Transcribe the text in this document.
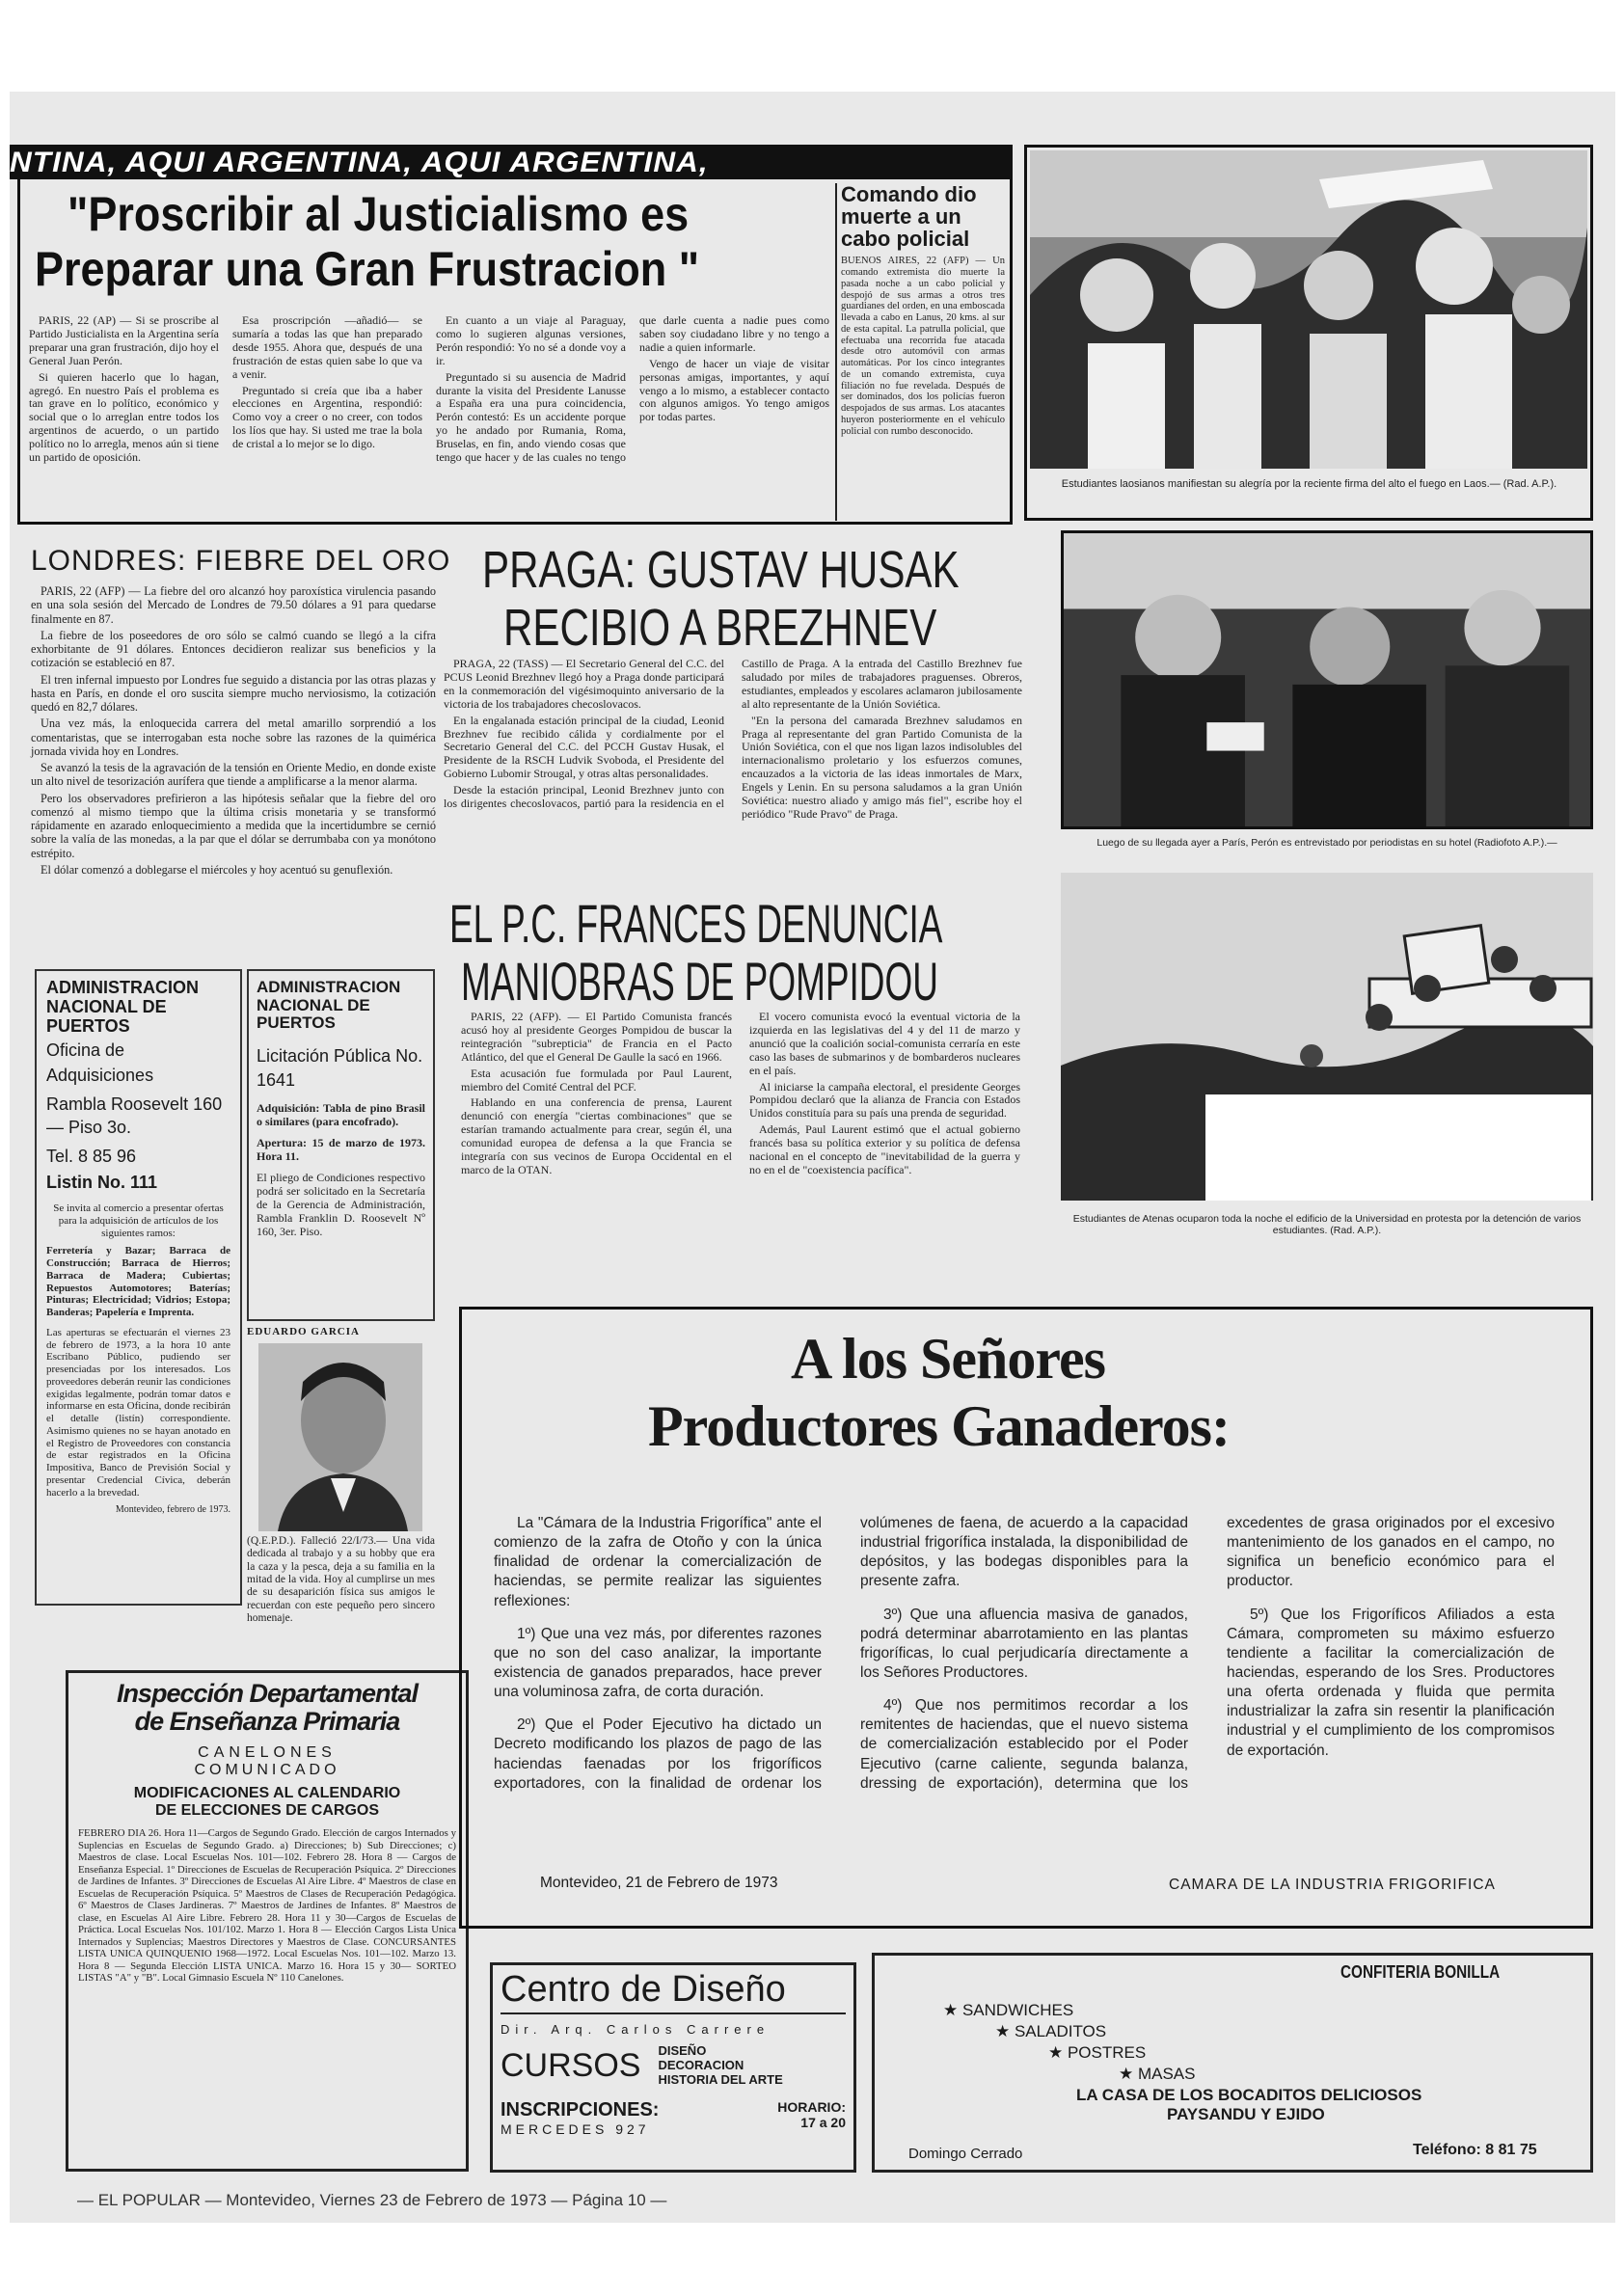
NTINA, AQUI ARGENTINA, AQUI ARGENTINA,
"Proscribir al Justicialismo es
Preparar una Gran Frustracion "

PARIS, 22 (AP) — Si se proscribe al Partido Justicialista en la Argentina sería preparar una gran frustración, dijo hoy el General Juan Perón.

Si quieren hacerlo que lo hagan, agregó. En nuestro País el problema es tan grave en lo político, económico y social que o lo arreglan entre todos los argentinos de acuerdo, o un partido político no lo arregla, menos aún si tiene un partido de oposición.

Esa proscripción —añadió— se sumaría a todas las que han preparado desde 1955. Ahora que, después de una frustración de estas quien sabe lo que va a venir.

Preguntado si creía que iba a haber elecciones en Argentina, respondió: Como voy a creer o no creer, con todos los líos que hay. Si usted me trae la bola de cristal a lo mejor se lo digo.

En cuanto a un viaje al Paraguay, como lo sugieren algunas versiones, Perón respondió: Yo no sé a donde voy a ir.

Preguntado si su ausencia de Madrid durante la visita del Presidente Lanusse a España era una pura coincidencia, Perón contestó: Es un accidente porque yo he andado por Rumania, Roma, Bruselas, en fin, ando viendo cosas que tengo que hacer y de las cuales no tengo que darle cuenta a nadie pues como saben soy ciudadano libre y no tengo a nadie a quien informarle.

Vengo de hacer un viaje de visitar personas amigas, importantes, y aquí vengo a lo mismo, a establecer contacto con algunos amigos. Yo tengo amigos por todas partes.

Comando dio muerte a un cabo policial
BUENOS AIRES, 22 (AFP) — Un comando extremista dio muerte la pasada noche a un cabo policial y despojó de sus armas a otros tres guardianes del orden, en una emboscada llevada a cabo en Lanus, 20 kms. al sur de esta capital. La patrulla policial, que efectuaba una recorrida fue atacada desde otro automóvil con armas automáticas. Por los cinco integrantes de un comando extremista, cuya filiación no fue revelada. Después de ser dominados, dos los policías fueron despojados de sus armas. Los atacantes huyeron posteriormente en el vehículo policial con rumbo desconocido.
Estudiantes laosianos manifiestan su alegría por la reciente firma del alto el fuego en Laos.— (Rad. A.P.).
Luego de su llegada ayer a París, Perón es entrevistado por periodistas en su hotel (Radiofoto A.P.).—
Estudiantes de Atenas ocuparon toda la noche el edificio de la Universidad en protesta por la detención de varios estudiantes. (Rad. A.P.).
LONDRES: FIEBRE DEL ORO

PARIS, 22 (AFP) — La fiebre del oro alcanzó hoy paroxística virulencia pasando en una sola sesión del Mercado de Londres de 79.50 dólares a 91 para quedarse finalmente en 87.

La fiebre de los poseedores de oro sólo se calmó cuando se llegó a la cifra exhorbitante de 91 dólares. Entonces decidieron realizar sus beneficios y la cotización se estableció en 87.

El tren infernal impuesto por Londres fue seguido a distancia por las otras plazas y hasta en París, en donde el oro suscita siempre mucho nerviosismo, la cotización quedó en 82,7 dólares.

Una vez más, la enloquecida carrera del metal amarillo sorprendió a los comentaristas, que se interrogaban esta noche sobre las razones de la quimérica jornada vivida hoy en Londres.

Se avanzó la tesis de la agravación de la tensión en Oriente Medio, en donde existe un alto nivel de tesorización aurífera que tiende a amplificarse a la menor alarma.

Pero los observadores prefirieron a las hipótesis señalar que la fiebre del oro comenzó al mismo tiempo que la última crisis monetaria y se transformó rápidamente en azarado enloquecimiento a medida que la incertidumbre se cernió sobre la valía de las monedas, a la par que el dólar se derrumbaba con ya monótono estrépito.

El dólar comenzó a doblegarse el miércoles y hoy acentuó su genuflexión.

PRAGA: GUSTAV HUSAK
RECIBIO A BREZHNEV

PRAGA, 22 (TASS) — El Secretario General del C.C. del PCUS Leonid Brezhnev llegó hoy a Praga donde participará en la conmemoración del vigésimoquinto aniversario de la victoria de los trabajadores checoslovacos.

En la engalanada estación principal de la ciudad, Leonid Brezhnev fue recibido cálida y cordialmente por el Secretario General del C.C. del PCCH Gustav Husak, el Presidente de la RSCH Ludvik Svoboda, el Presidente del Gobierno Lubomir Strougal, y otras altas personalidades.

Desde la estación principal, Leonid Brezhnev junto con los dirigentes checoslovacos, partió para la residencia en el Castillo de Praga. A la entrada del Castillo Brezhnev fue saludado por miles de trabajadores praguenses. Obreros, estudiantes, empleados y escolares aclamaron jubilosamente al alto representante de la Unión Soviética.

"En la persona del camarada Brezhnev saludamos en Praga al representante del gran Partido Comunista de la Unión Soviética, con el que nos ligan lazos indisolubles del internacionalismo proletario y los esfuerzos comunes, encauzados a la victoria de las ideas inmortales de Marx, Engels y Lenin. En su persona saludamos a la gran Unión Soviética: nuestro aliado y amigo más fiel", escribe hoy el periódico "Rude Pravo" de Praga.

EL P.C. FRANCES DENUNCIA
MANIOBRAS DE POMPIDOU

PARIS, 22 (AFP). — El Partido Comunista francés acusó hoy al presidente Georges Pompidou de buscar la reintegración "subrepticia" de Francia en el Pacto Atlántico, del que el General De Gaulle la sacó en 1966.

Esta acusación fue formulada por Paul Laurent, miembro del Comité Central del PCF.

Hablando en una conferencia de prensa, Laurent denunció con energía "ciertas combinaciones" que se estarían tramando actualmente para crear, según él, una comunidad europea de defensa a la que Francia se integraría con sus vecinos de Europa Occidental en el marco de la OTAN.

El vocero comunista evocó la eventual victoria de la izquierda en las legislativas del 4 y del 11 de marzo y anunció que la coalición social-comunista cerraría en este caso las bases de submarinos y de bombarderos nucleares en el país.

Al iniciarse la campaña electoral, el presidente Georges Pompidou declaró que la alianza de Francia con Estados Unidos constituía para su país una prenda de seguridad.

Además, Paul Laurent estimó que el actual gobierno francés basa su política exterior y su política de defensa nacional en el concepto de "inevitabilidad de la guerra y no en el de "coexistencia pacífica".

ADMINISTRACION NACIONAL DE PUERTOS
Oficina de Adquisiciones
Rambla Roosevelt 160— Piso 3o.
Tel. 8 85 96
Listin No. 111
Se invita al comercio a presentar ofertas para la adquisición de artículos de los siguientes ramos:
Ferretería y Bazar; Barraca de Construcción; Barraca de Hierros; Barraca de Madera; Cubiertas; Repuestos Automotores; Baterías; Pinturas; Electricidad; Vidrios; Estopa; Banderas; Papelería e Imprenta.
Las aperturas se efectuarán el viernes 23 de febrero de 1973, a la hora 10 ante Escribano Público, pudiendo ser presenciadas por los interesados. Los proveedores deberán reunir las condiciones exigidas legalmente, podrán tomar datos e informarse en esta Oficina, donde recibirán el detalle (listín) correspondiente. Asimismo quienes no se hayan anotado en el Registro de Proveedores con constancia de estar registrados en la Oficina Impositiva, Banco de Previsión Social y presentar Credencial Cívica, deberán hacerlo a la brevedad.
Montevideo, febrero de 1973.
ADMINISTRACION NACIONAL DE PUERTOS
Licitación Pública No. 1641
Adquisición: Tabla de pino Brasil o similares (para encofrado).
Apertura: 15 de marzo de 1973. Hora 11.
El pliego de Condiciones respectivo podrá ser solicitado en la Secretaría de la Gerencia de Administración, Rambla Franklin D. Roosevelt Nº 160, 3er. Piso.
EDUARDO GARCIA
(Q.E.P.D.). Falleció 22/I/73.— Una vida dedicada al trabajo y a su hobby que era la caza y la pesca, deja a su familia en la mitad de la vida. Hoy al cumplirse un mes de su desaparición física sus amigos le recuerdan con este pequeño pero sincero homenaje.
Inspección Departamental
de Enseñanza Primaria
CANELONES
COMUNICADO
MODIFICACIONES AL CALENDARIO
DE ELECCIONES DE CARGOS
FEBRERO DIA 26. Hora 11—Cargos de Segundo Grado. Elección de cargos Internados y Suplencias en Escuelas de Segundo Grado. a) Direcciones; b) Sub Direcciones; c) Maestros de clase. Local Escuelas Nos. 101—102. Febrero 28. Hora 8 — Cargos de Enseñanza Especial. 1º Direcciones de Escuelas de Recuperación Psíquica. 2º Direcciones de Jardines de Infantes. 3º Direcciones de Escuelas Al Aire Libre. 4º Maestros de clase en Escuelas de Recuperación Psíquica. 5º Maestros de Clases de Recuperación Pedagógica. 6º Maestros de Clases Jardineras. 7º Maestros de Jardines de Infantes. 8º Maestros de clase, en Escuelas Al Aire Libre. Febrero 28. Hora 11 y 30—Cargos de Escuelas de Práctica. Local Escuelas Nos. 101/102. Marzo 1. Hora 8 — Elección Cargos Lista Unica Internados y Suplencias; Maestros Directores y Maestros de Clase. CONCURSANTES LISTA UNICA QUINQUENIO 1968—1972. Local Escuelas Nos. 101—102. Marzo 13. Hora 8 — Segunda Elección LISTA UNICA. Marzo 16. Hora 15 y 30— SORTEO LISTAS "A" y "B". Local Gimnasio Escuela Nº 110 Canelones.
A los Señores
Productores Ganaderos:

La "Cámara de la Industria Frigorífica" ante el comienzo de la zafra de Otoño y con la única finalidad de ordenar la comercialización de haciendas, se permite realizar las siguientes reflexiones:

1º) Que una vez más, por diferentes razones que no son del caso analizar, la importante existencia de ganados preparados, hace prever una voluminosa zafra, de corta duración.

2º) Que el Poder Ejecutivo ha dictado un Decreto modificando los plazos de pago de las haciendas faenadas por los frigoríficos exportadores, con la finalidad de ordenar los volúmenes de faena, de acuerdo a la capacidad industrial frigorífica instalada, la disponibilidad de depósitos, y las bodegas disponibles para la presente zafra.

3º) Que una afluencia masiva de ganados, podrá determinar abarrotamiento en las plantas frigoríficas, lo cual perjudicaría directamente a los Señores Productores.

4º) Que nos permitimos recordar a los remitentes de haciendas, que el nuevo sistema de comercialización establecido por el Poder Ejecutivo (carne caliente, segunda balanza, dressing de exportación), determina que los excedentes de grasa originados por el excesivo mantenimiento de los ganados en el campo, no significa un beneficio económico para el productor.

5º) Que los Frigoríficos Afiliados a esta Cámara, comprometen su máximo esfuerzo tendiente a facilitar la comercialización de haciendas, esperando de los Sres. Productores una oferta ordenada y fluida que permita industrializar la zafra sin resentir la planificación industrial y el cumplimiento de los compromisos de exportación.

Montevideo, 21 de Febrero de 1973	CAMARA DE LA INDUSTRIA FRIGORIFICA
Centro de Diseño
Dir. Arq. Carlos Carrere
CURSOS DISEÑO
DECORACION
HISTORIA DEL ARTE
INSCRIPCIONES:
MERCEDES 927
HORARIO:
17 a 20
CONFITERIA BONILLA
★ SANDWICHES
★ SALADITOS
★ POSTRES
★ MASAS
LA CASA DE LOS BOCADITOS DELICIOSOS
PAYSANDU Y EJIDO
Domingo Cerrado	Teléfono: 8 81 75
— EL POPULAR — Montevideo, Viernes 23 de Febrero de 1973 — Página 10 —
